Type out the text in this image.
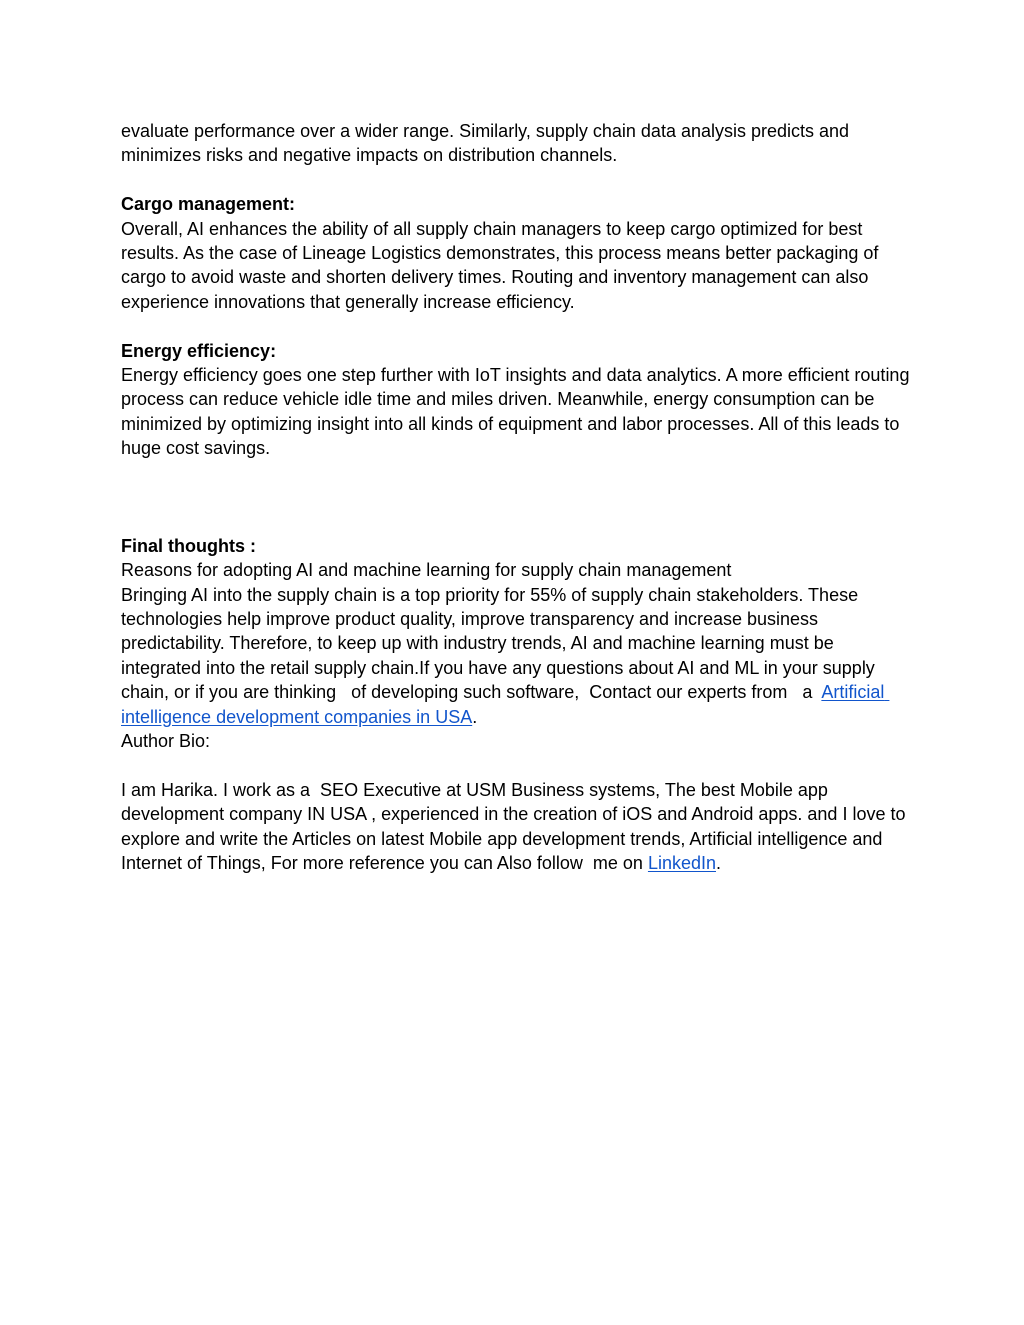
evaluate performance over a wider range. Similarly, supply chain data analysis predicts and minimizes risks and negative impacts on distribution channels.

Cargo management:

Overall, AI enhances the ability of all supply chain managers to keep cargo optimized for best results. As the case of Lineage Logistics demonstrates, this process means better packaging of cargo to avoid waste and shorten delivery times. Routing and inventory management can also experience innovations that generally increase efficiency.

Energy efficiency:

Energy efficiency goes one step further with IoT insights and data analytics. A more efficient routing process can reduce vehicle idle time and miles driven. Meanwhile, energy consumption can be minimized by optimizing insight into all kinds of equipment and labor processes. All of this leads to huge cost savings.

Final thoughts :

Reasons for adopting AI and machine learning for supply chain management

Bringing AI into the supply chain is a top priority for 55% of supply chain stakeholders. These technologies help improve product quality, improve transparency and increase business predictability. Therefore, to keep up with industry trends, AI and machine learning must be integrated into the retail supply chain.If you have any questions about AI and ML in your supply chain, or if you are thinking   of developing such software,  Contact our experts from   a  Artificial intelligence development companies in USA.

Author Bio:

I am Harika. I work as a  SEO Executive at USM Business systems, The best Mobile app development company IN USA , experienced in the creation of iOS and Android apps. and I love to explore and write the Articles on latest Mobile app development trends, Artificial intelligence and Internet of Things, For more reference you can Also follow  me on LinkedIn.
